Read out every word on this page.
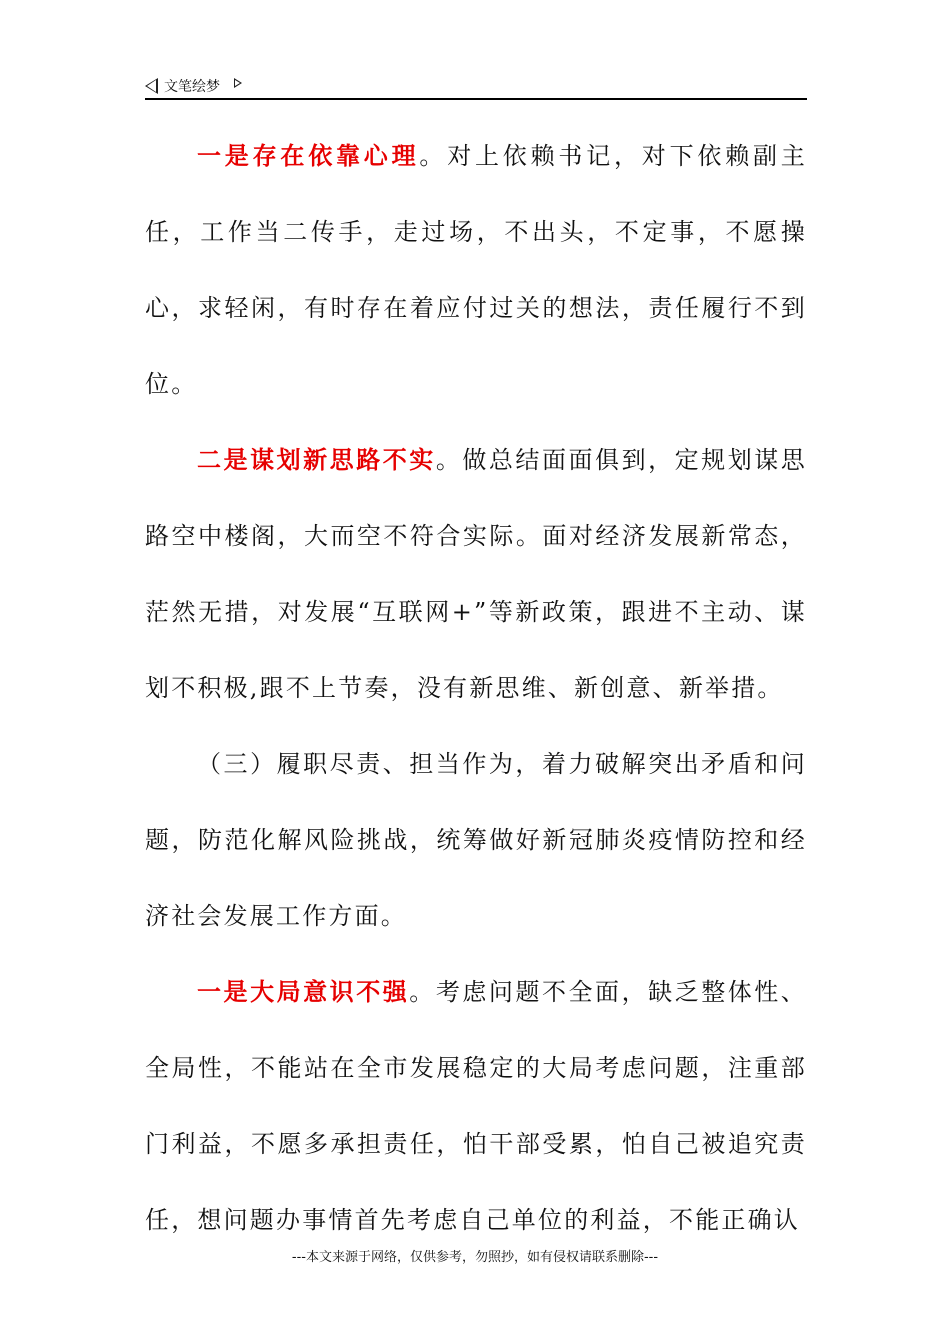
文笔绘梦

一是存在依靠心理。对上依赖书记，对下依赖副主任，工作当二传手，走过场，不出头，不定事，不愿操心，求轻闲，有时存在着应付过关的想法，责任履行不到位。

二是谋划新思路不实。做总结面面俱到，定规划谋思路空中楼阁，大而空不符合实际。面对经济发展新常态，茫然无措，对发展“互联网+”等新政策，跟进不主动、谋划不积极,跟不上节奏，没有新思维、新创意、新举措。

（三）履职尽责、担当作为，着力破解突出矛盾和问题，防范化解风险挑战，统筹做好新冠肺炎疫情防控和经济社会发展工作方面。

一是大局意识不强。考虑问题不全面，缺乏整体性、全局性，不能站在全市发展稳定的大局考虑问题，注重部门利益，不愿多承担责任，怕干部受累，怕自己被追究责任，想问题办事情首先考虑自己单位的利益，不能正确认

---本文来源于网络，仅供参考，勿照抄，如有侵权请联系删除---
